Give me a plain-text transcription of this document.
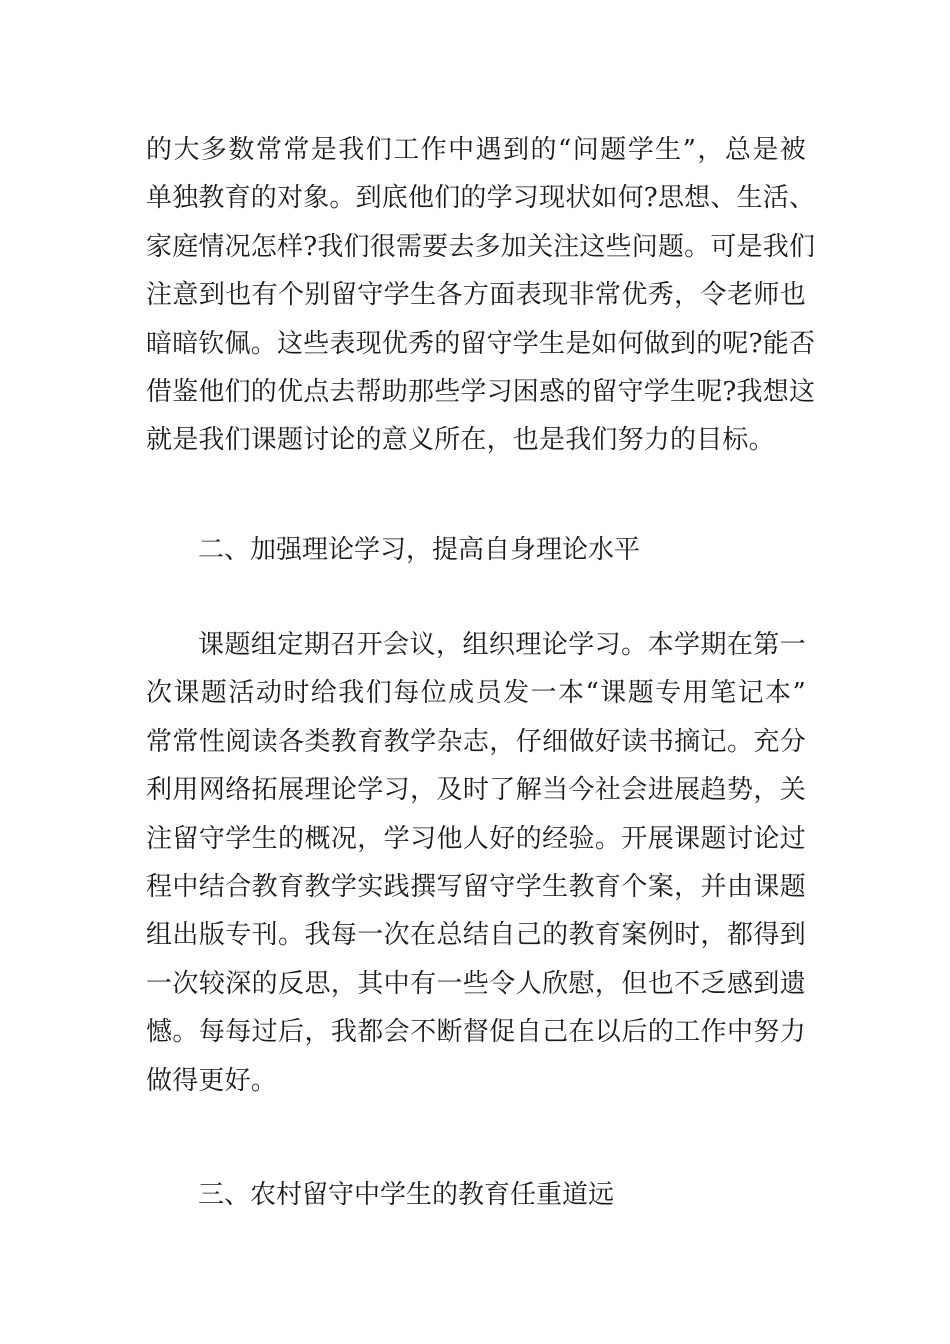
的大多数常常是我们工作中遇到的“问题学生”，总是被
单独教育的对象。到底他们的学习现状如何?思想、生活、
家庭情况怎样?我们很需要去多加关注这些问题。可是我们
注意到也有个别留守学生各方面表现非常优秀，令老师也
暗暗钦佩。这些表现优秀的留守学生是如何做到的呢?能否
借鉴他们的优点去帮助那些学习困惑的留守学生呢?我想这
就是我们课题讨论的意义所在，也是我们努力的目标。

二、加强理论学习，提高自身理论水平

课题组定期召开会议，组织理论学习。本学期在第一
次课题活动时给我们每位成员发一本“课题专用笔记本”
常常性阅读各类教育教学杂志，仔细做好读书摘记。充分
利用网络拓展理论学习，及时了解当今社会进展趋势，关
注留守学生的概况，学习他人好的经验。开展课题讨论过
程中结合教育教学实践撰写留守学生教育个案，并由课题
组出版专刊。我每一次在总结自己的教育案例时，都得到
一次较深的反思，其中有一些令人欣慰，但也不乏感到遗
憾。每每过后，我都会不断督促自己在以后的工作中努力
做得更好。

三、农村留守中学生的教育任重道远
